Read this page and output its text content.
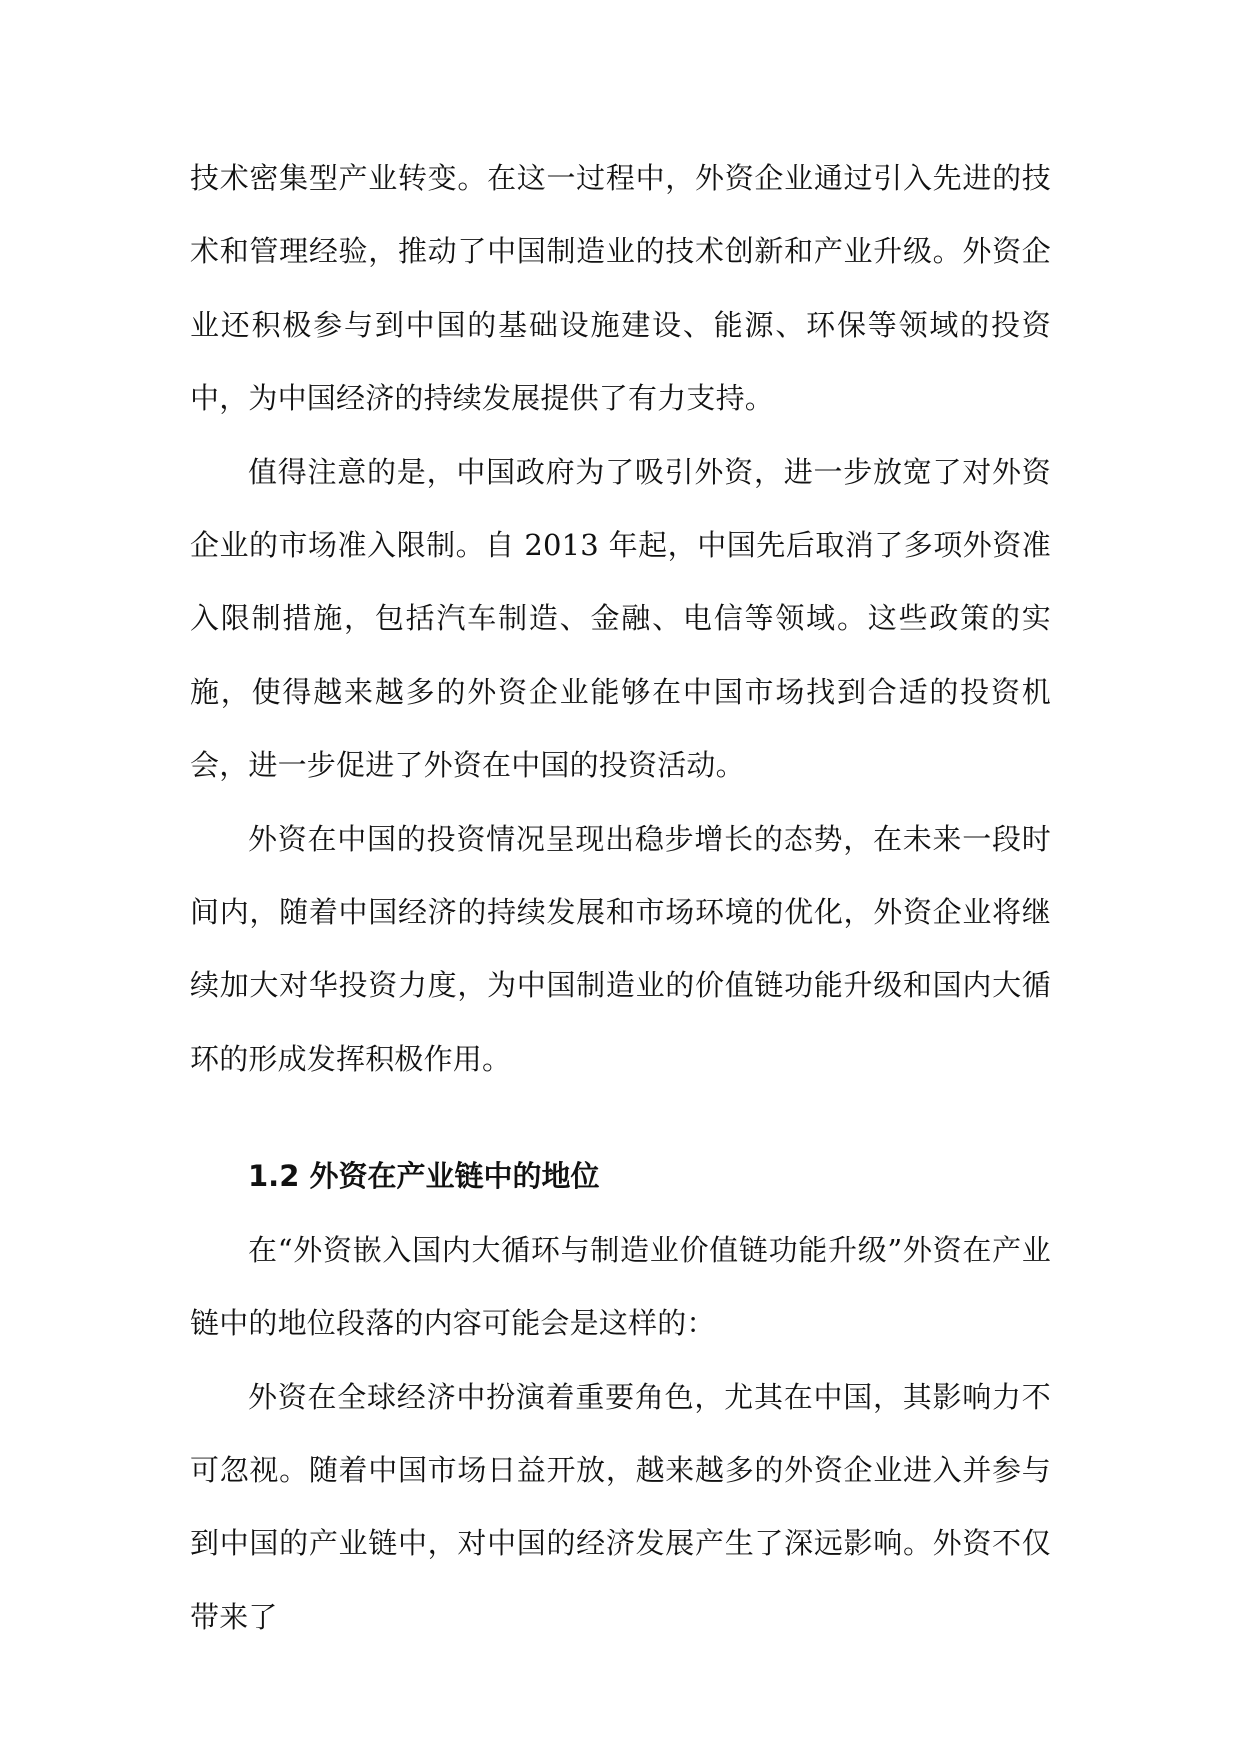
技术密集型产业转变。在这一过程中，外资企业通过引入先进的技术和管理经验，推动了中国制造业的技术创新和产业升级。外资企业还积极参与到中国的基础设施建设、能源、环保等领域的投资中，为中国经济的持续发展提供了有力支持。

值得注意的是，中国政府为了吸引外资，进一步放宽了对外资企业的市场准入限制。自 2013 年起，中国先后取消了多项外资准入限制措施，包括汽车制造、金融、电信等领域。这些政策的实施，使得越来越多的外资企业能够在中国市场找到合适的投资机会，进一步促进了外资在中国的投资活动。

外资在中国的投资情况呈现出稳步增长的态势，在未来一段时间内，随着中国经济的持续发展和市场环境的优化，外资企业将继续加大对华投资力度，为中国制造业的价值链功能升级和国内大循环的形成发挥积极作用。

1.2 外资在产业链中的地位

在“外资嵌入国内大循环与制造业价值链功能升级”外资在产业链中的地位段落的内容可能会是这样的：

外资在全球经济中扮演着重要角色，尤其在中国，其影响力不可忽视。随着中国市场日益开放，越来越多的外资企业进入并参与到中国的产业链中，对中国的经济发展产生了深远影响。外资不仅带来了
